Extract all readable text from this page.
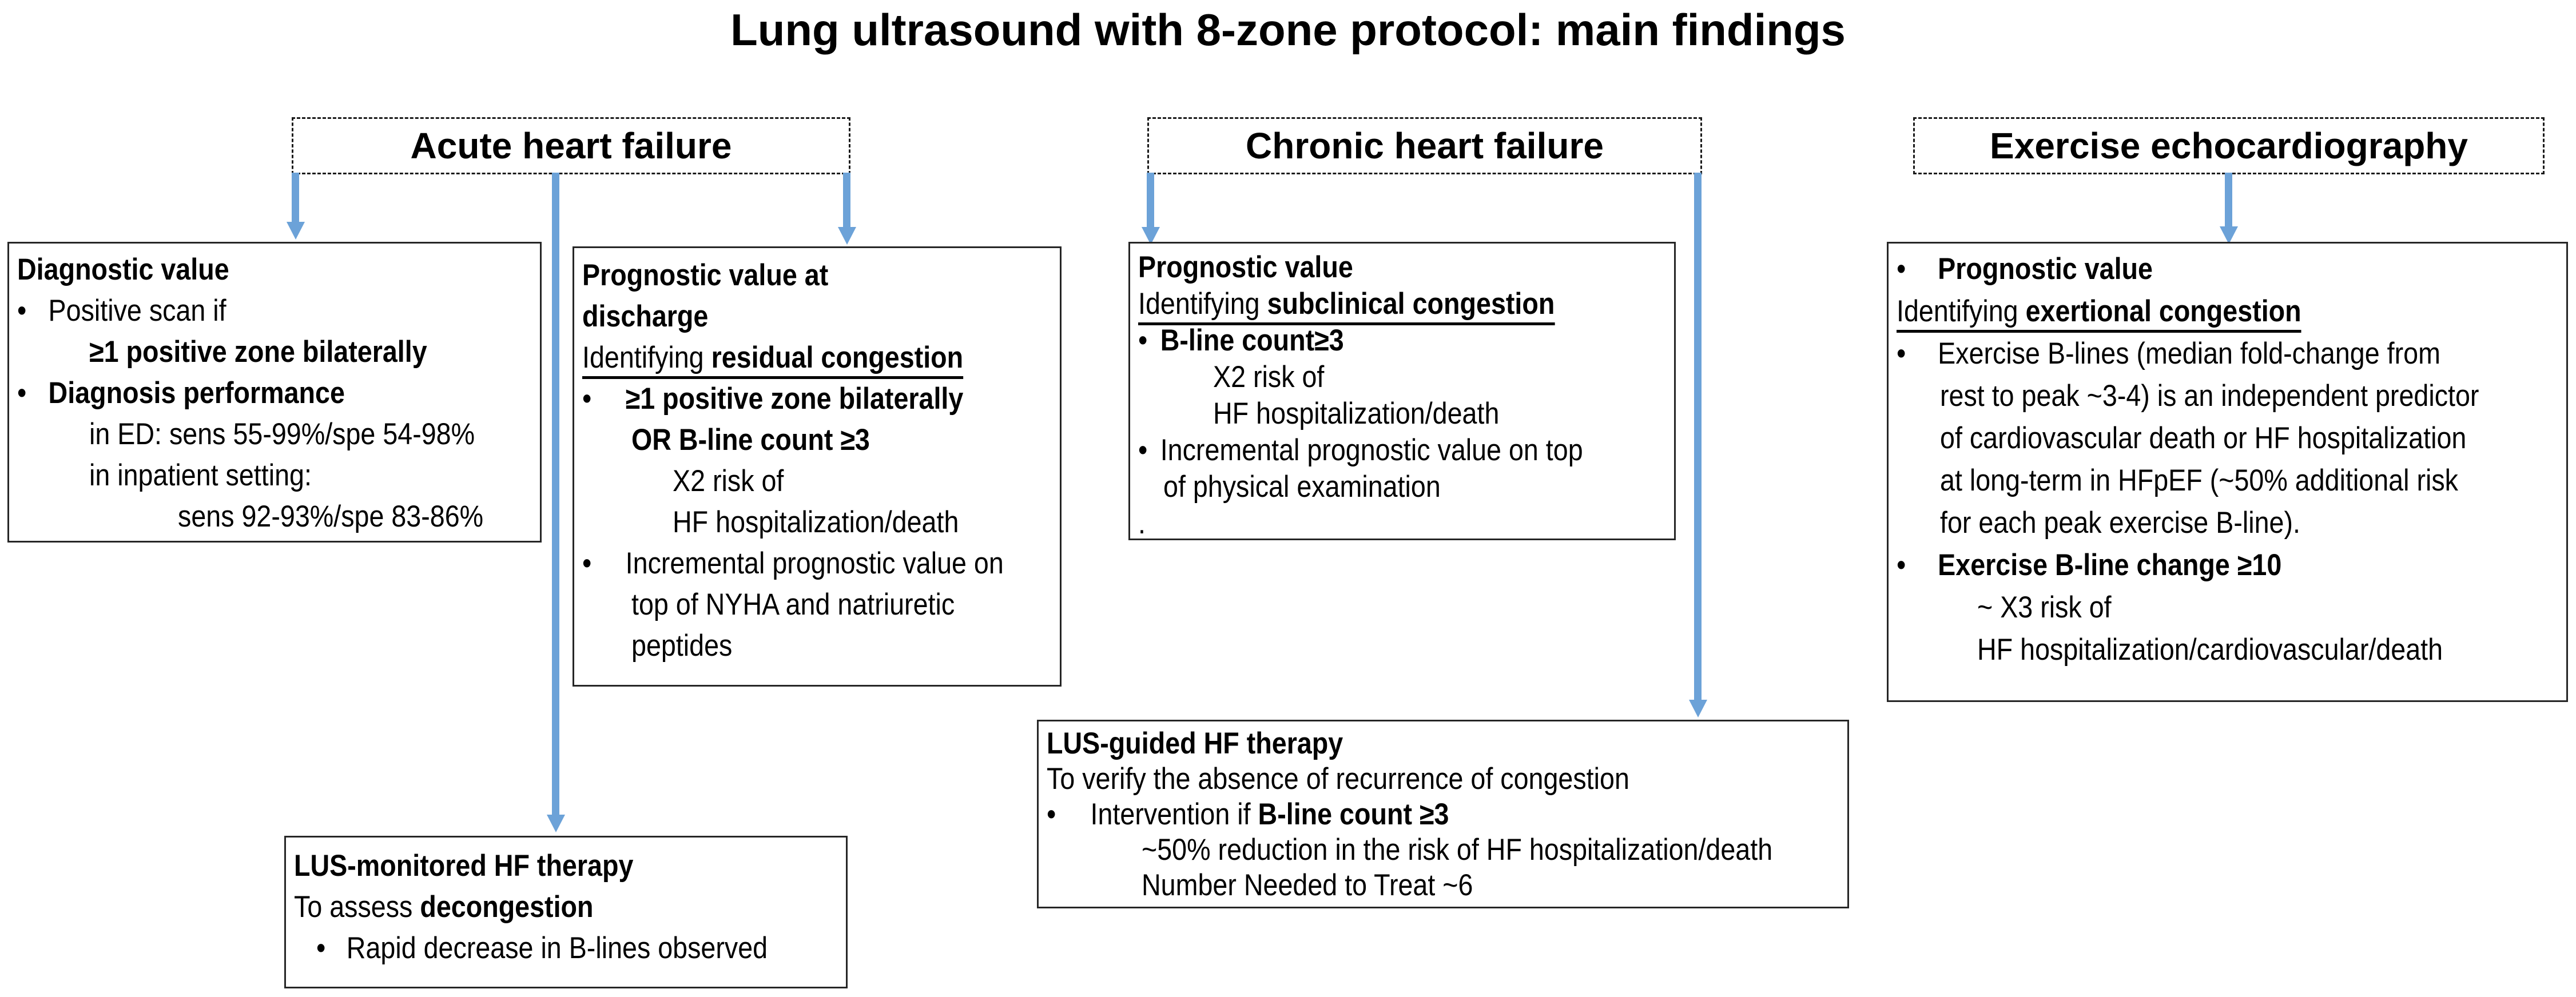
Lung ultrasound with 8-zone protocol: main findings
Acute heart failure	Chronic heart failure	Exercise echocardiography
Diagnostic value
• Positive scan if
≥1 positive zone bilaterally
• Diagnosis performance
in ED: sens 55-99%/spe 54-98%
in inpatient setting:
sens 92-93%/spe 83-86%
Prognostic value at
discharge
Identifying residual congestion
• ≥1 positive zone bilaterally
OR B-line count ≥3
X2 risk of
HF hospitalization/death
• Incremental prognostic value on
top of NYHA and natriuretic
peptides
Prognostic value
Identifying subclinical congestion
• B-line count≥3
X2 risk of
HF hospitalization/death
• Incremental prognostic value on top
of physical examination
.
• Prognostic value
Identifying exertional congestion
• Exercise B-lines (median fold-change from
rest to peak ~3-4) is an independent predictor
of cardiovascular death or HF hospitalization
at long-term in HFpEF (~50% additional risk
for each peak exercise B-line).
• Exercise B-line change ≥10
~ X3 risk of
HF hospitalization/cardiovascular/death
LUS-guided HF therapy
To verify the absence of recurrence of congestion
• Intervention if B-line count ≥3
~50% reduction in the risk of HF hospitalization/death
Number Needed to Treat ~6
LUS-monitored HF therapy
To assess decongestion
• Rapid decrease in B-lines observed
